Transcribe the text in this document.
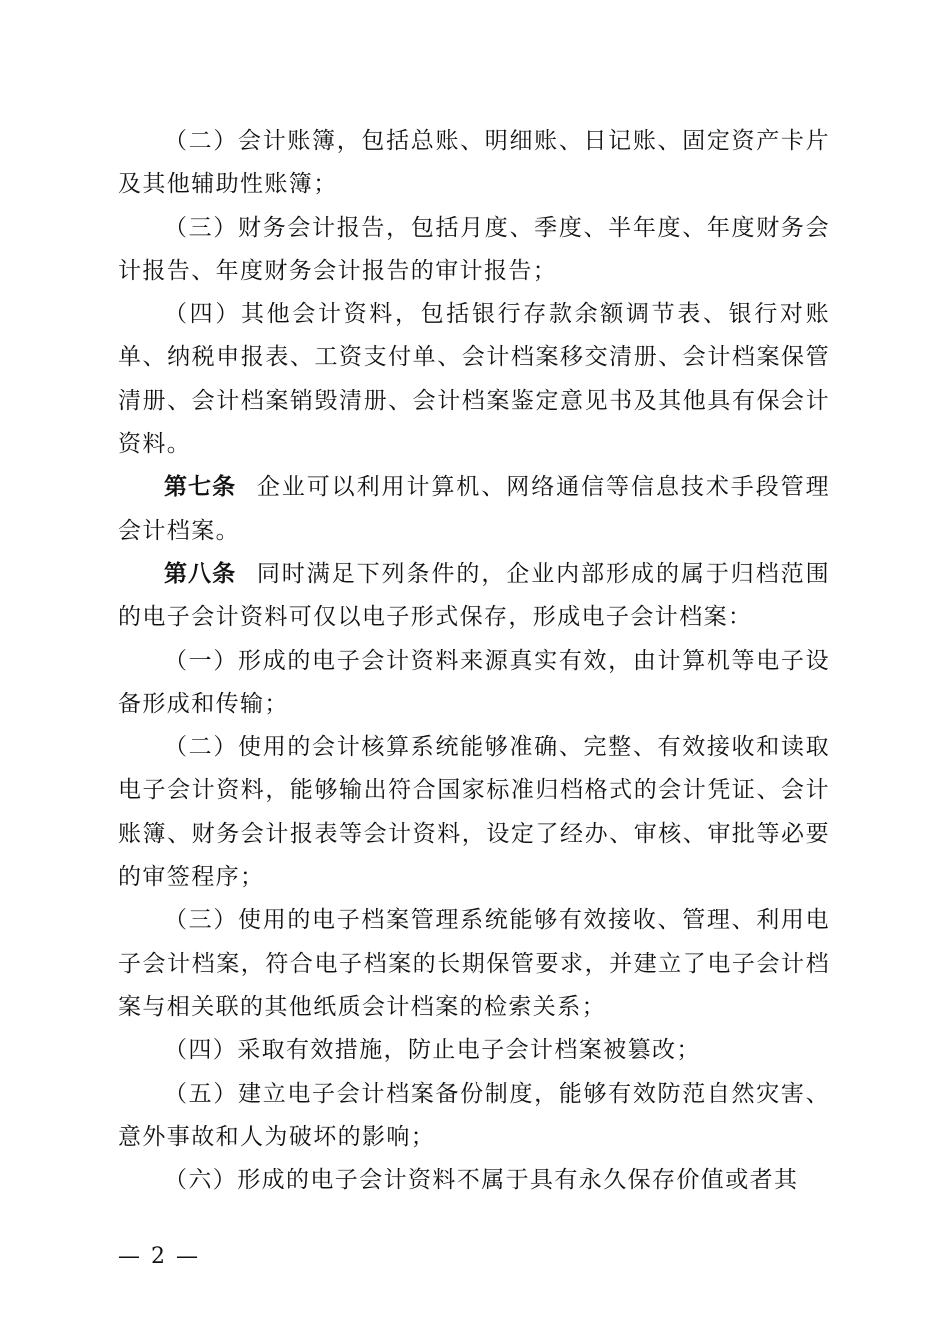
（二）会计账簿，包括总账、明细账、日记账、固定资产卡片及其他辅助性账簿；

（三）财务会计报告，包括月度、季度、半年度、年度财务会计报告、年度财务会计报告的审计报告；

（四）其他会计资料，包括银行存款余额调节表、银行对账单、纳税申报表、工资支付单、会计档案移交清册、会计档案保管清册、会计档案销毁清册、会计档案鉴定意见书及其他具有保会计资料。

第七条 企业可以利用计算机、网络通信等信息技术手段管理会计档案。

第八条 同时满足下列条件的，企业内部形成的属于归档范围的电子会计资料可仅以电子形式保存，形成电子会计档案：

（一）形成的电子会计资料来源真实有效，由计算机等电子设备形成和传输；

（二）使用的会计核算系统能够准确、完整、有效接收和读取电子会计资料，能够输出符合国家标准归档格式的会计凭证、会计账簿、财务会计报表等会计资料，设定了经办、审核、审批等必要的审签程序；

（三）使用的电子档案管理系统能够有效接收、管理、利用电子会计档案，符合电子档案的长期保管要求，并建立了电子会计档案与相关联的其他纸质会计档案的检索关系；

（四）采取有效措施，防止电子会计档案被篡改；

（五）建立电子会计档案备份制度，能够有效防范自然灾害、意外事故和人为破坏的影响；

（六）形成的电子会计资料不属于具有永久保存价值或者其

— 2 —
